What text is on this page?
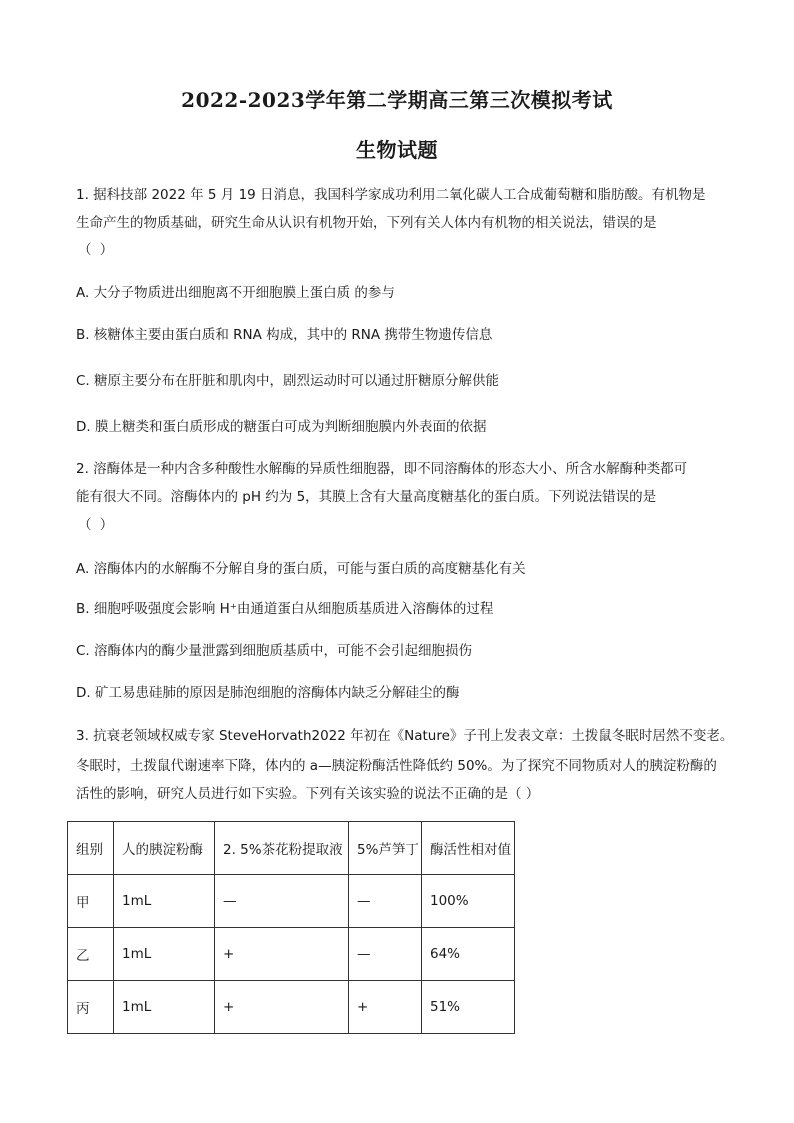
2022-2023学年第二学期高三第三次模拟考试
生物试题
1. 据科技部 2022 年 5 月 19 日消息，我国科学家成功利用二氧化碳人工合成葡萄糖和脂肪酸。有机物是
生命产生的物质基础，研究生命从认识有机物开始，下列有关人体内有机物的相关说法，错误的是
（ ）
A. 大分子物质进出细胞离不开细胞膜上蛋白质 的参与
B. 核糖体主要由蛋白质和 RNA 构成，其中的 RNA 携带生物遗传信息
C. 糖原主要分布在肝脏和肌肉中，剧烈运动时可以通过肝糖原分解供能
D. 膜上糖类和蛋白质形成的糖蛋白可成为判断细胞膜内外表面的依据
2. 溶酶体是一种内含多种酸性水解酶的异质性细胞器，即不同溶酶体的形态大小、所含水解酶种类都可
能有很大不同。溶酶体内的 pH 约为 5，其膜上含有大量高度糖基化的蛋白质。下列说法错误的是
（ ）
A. 溶酶体内的水解酶不分解自身的蛋白质，可能与蛋白质的高度糖基化有关
B. 细胞呼吸强度会影响 H⁺由通道蛋白从细胞质基质进入溶酶体的过程
C. 溶酶体内的酶少量泄露到细胞质基质中，可能不会引起细胞损伤
D. 矿工易患硅肺的原因是肺泡细胞的溶酶体内缺乏分解硅尘的酶
3. 抗衰老领域权威专家 SteveHorvath2022 年初在《Nature》子刊上发表文章：土拨鼠冬眠时居然不变老。
冬眠时，土拨鼠代谢速率下降，体内的 a—胰淀粉酶活性降低约 50%。为了探究不同物质对人的胰淀粉酶的
活性的影响，研究人员进行如下实验。下列有关该实验的说法不正确的是（ ）
组别	人的胰淀粉酶	2. 5%茶花粉提取液	5%芦笋丁	酶活性相对值
甲	1mL	—	—	100%
乙	1mL	+	—	64%
丙	1mL	+	+	51%
